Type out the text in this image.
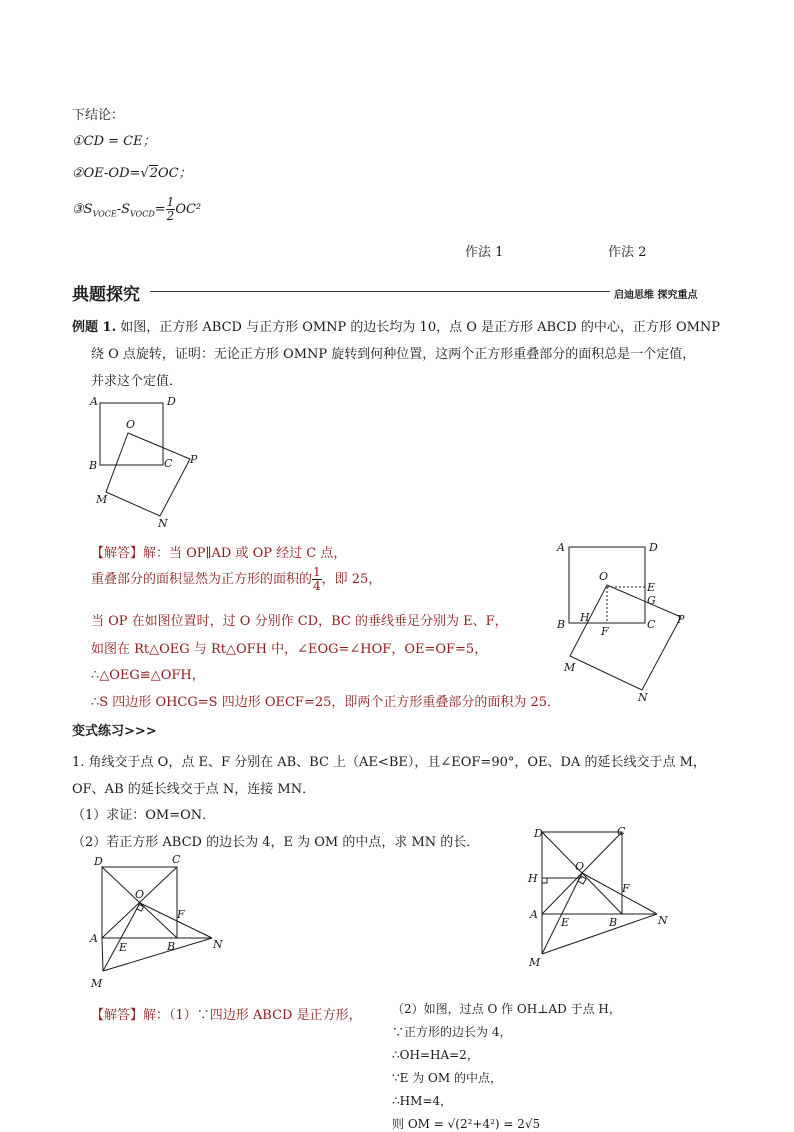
下结论：
①CD = CE；
②OE-OD=√2OC；
$③S_{VOCE}-S_{VOCD}= \frac{1}{2} OC^2$
作法 1	作法 2
典题探究	启迪思维 探究重点
例题 1. 如图，正方形 ABCD 与正方形 OMNP 的边长均为 10，点 O 是正方形 ABCD 的中心，正方形 OMNP
绕 O 点旋转，证明：无论正方形 OMNP 旋转到何种位置，这两个正方形重叠部分的面积总是一个定值，
并求这个定值．
A	D
O
B	C P
M
N
【解答】解：当 OP∥AD 或 OP 经过 C 点，
重叠部分的面积显然为正方形的面积的 $\frac{1}{4}$ ，即 25，
当 OP 在如图位置时，过 O 分别作 CD，BC 的垂线垂足分别为 E、F，
如图在 Rt△OEG 与 Rt△OFH 中，∠EOG=∠HOF，OE=OF=5，
∴△OEG≌△OFH，
∴S 四边形 OHCG=S 四边形 OECF=25，即两个正方形重叠部分的面积为 25．
A	D
O
E
G
H
F
B	C P
M
N
变式练习>>>
1. 角线交于点 O，点 E、F 分别在 AB、BC 上（AE<BE），且∠EOF=90°，OE、DA 的延长线交于点 M，
OF、AB 的延长线交于点 N，连接 MN．
（1）求证：OM=ON．
（2）若正方形 ABCD 的边长为 4，E 为 OM 的中点，求 MN 的长．
D	C
O
F
A
E	B	N
M
D	C
O
H
F
A
E	B	N
M
【解答】解：（1）∵四边形 ABCD 是正方形，	（2）如图，过点 O 作 OH⊥AD 于点 H，
∵正方形的边长为 4，
∴OH=HA=2，
∵E 为 OM 的中点，
∴HM=4，
则 OM = √(2²+4²) = 2√5
